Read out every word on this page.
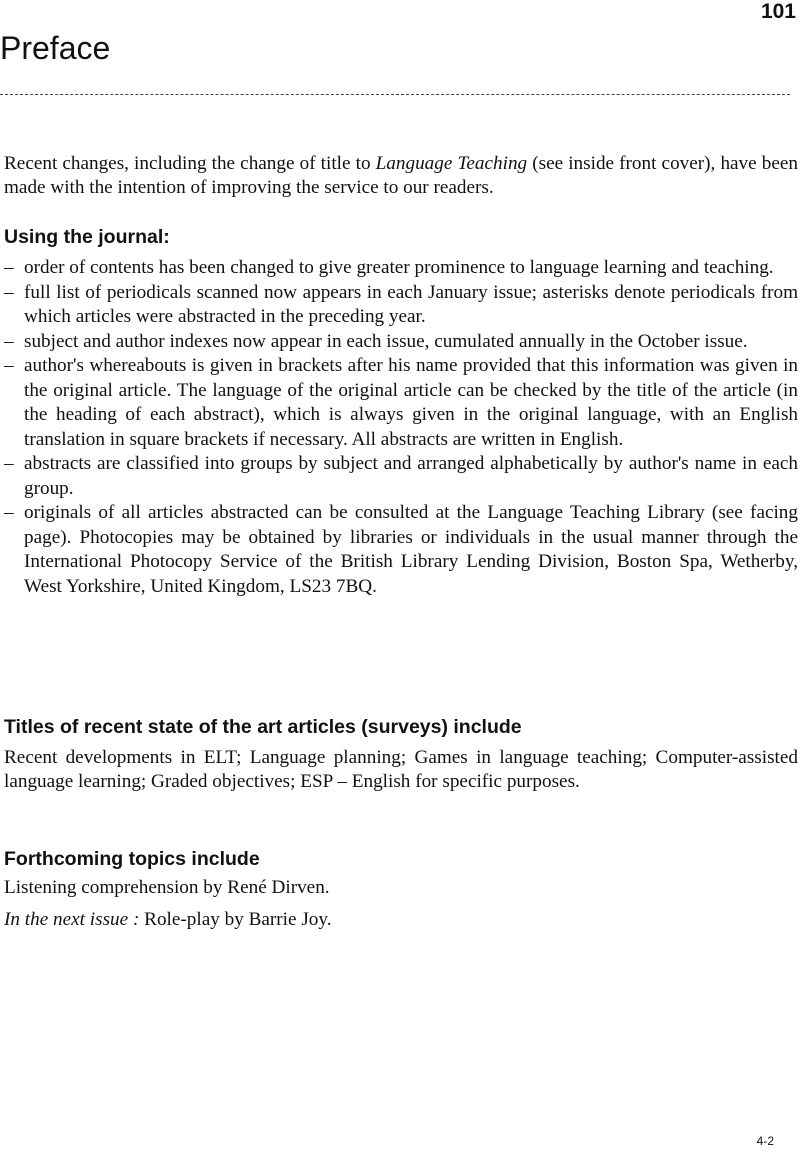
101
Preface

Recent changes, including the change of title to Language Teaching (see inside front cover), have been made with the intention of improving the service to our readers.

Using the journal:
– order of contents has been changed to give greater prominence to language learning and teaching.
– full list of periodicals scanned now appears in each January issue; asterisks denote periodicals from which articles were abstracted in the preceding year.
– subject and author indexes now appear in each issue, cumulated annually in the October issue.
– author's whereabouts is given in brackets after his name provided that this information was given in the original article. The language of the original article can be checked by the title of the article (in the heading of each abstract), which is always given in the original language, with an English translation in square brackets if necessary. All abstracts are written in English.
– abstracts are classified into groups by subject and arranged alphabetically by author's name in each group.
– originals of all articles abstracted can be consulted at the Language Teaching Library (see facing page). Photocopies may be obtained by libraries or individuals in the usual manner through the International Photocopy Service of the British Library Lending Division, Boston Spa, Wetherby, West Yorkshire, United Kingdom, LS23 7BQ.
Titles of recent state of the art articles (surveys) include

Recent developments in ELT; Language planning; Games in language teaching; Computer-assisted language learning; Graded objectives; ESP – English for specific purposes.

Forthcoming topics include

Listening comprehension by René Dirven.

In the next issue : Role-play by Barrie Joy.

4-2
